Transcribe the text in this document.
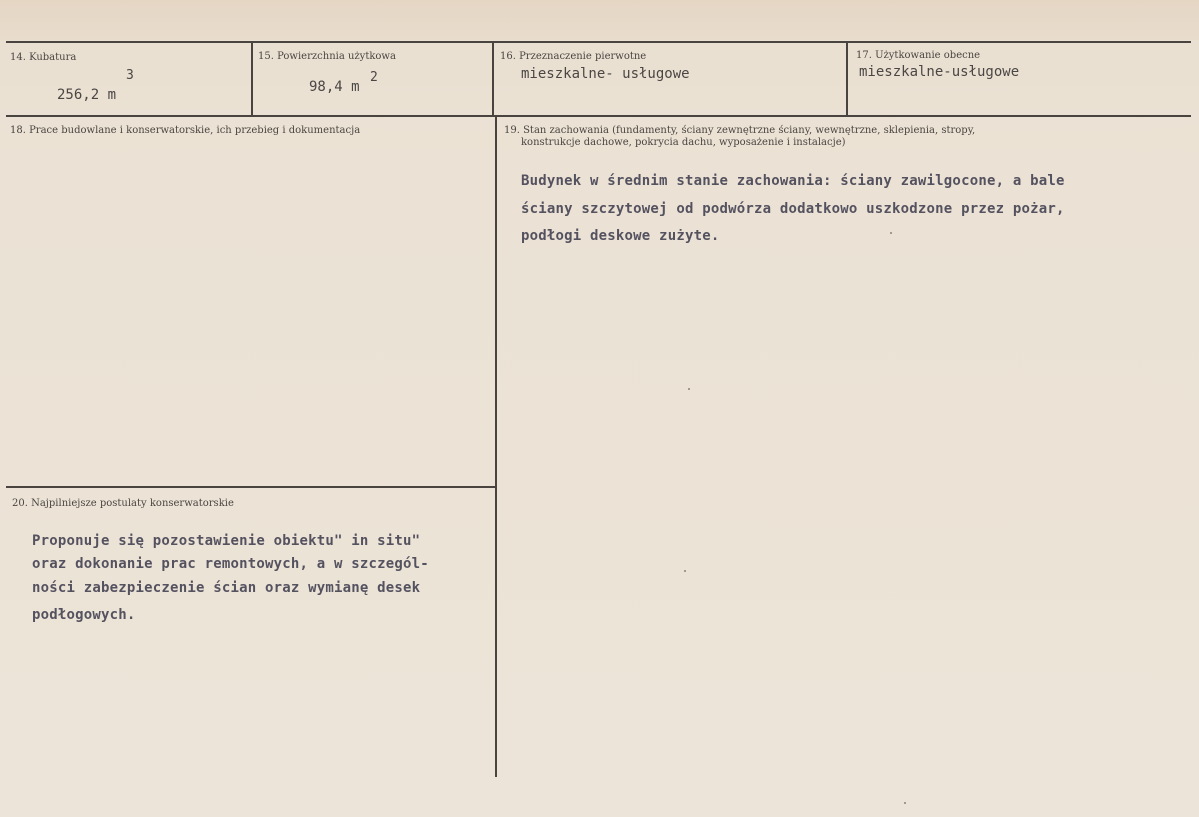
14. Kubatura
3
256,2 m
15. Powierzchnia użytkowa
98,4 m
2
16. Przeznaczenie pierwotne
mieszkalne- usługowe
17. Użytkowanie obecne
mieszkalne-usługowe
18. Prace budowlane i konserwatorskie, ich przebieg i dokumentacja	19. Stan zachowania (fundamenty, ściany zewnętrzne ściany, wewnętrzne, sklepienia, stropy,
konstrukcje dachowe, pokrycia dachu, wyposażenie i instalacje)
Budynek w średnim stanie zachowania: ściany zawilgocone, a bale
ściany szczytowej od podwórza dodatkowo uszkodzone przez pożar,
podłogi deskowe zużyte.
20. Najpilniejsze postulaty konserwatorskie
Proponuje się pozostawienie obiektu" in situ"
oraz dokonanie prac remontowych, a w szczegól-
ności zabezpieczenie ścian oraz wymianę desek
podłogowych.
